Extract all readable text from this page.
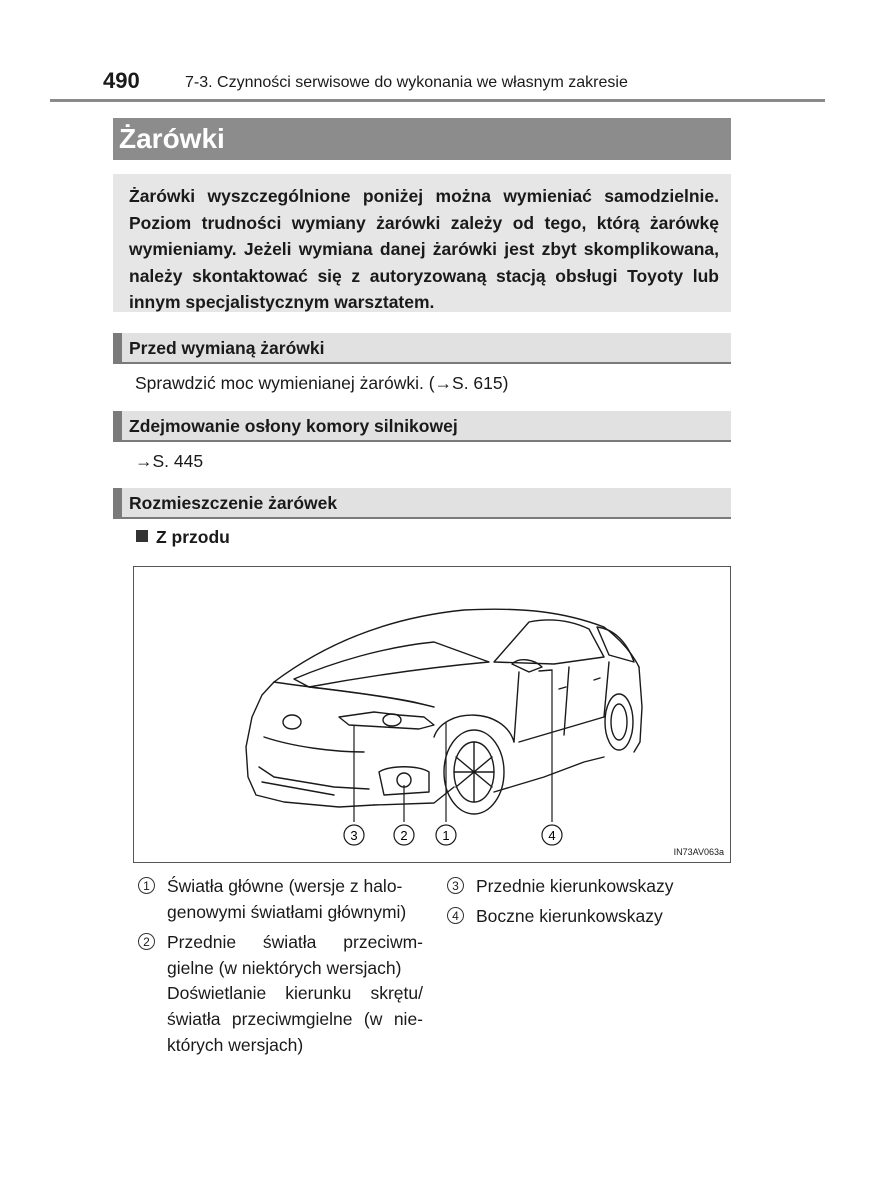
490	7-3. Czynności serwisowe do wykonania we własnym zakresie
Żarówki
Żarówki wyszczególnione poniżej można wymieniać samodzielnie. Poziom trudności wymiany żarówki zależy od tego, którą żarówkę wymieniamy. Jeżeli wymiana danej żarówki jest zbyt skomplikowana, należy skontaktować się z autoryzowaną stacją obsługi Toyoty lub innym specjalistycznym warsztatem.
Przed wymianą żarówki
Sprawdzić moc wymienianej żarówki. (→S. 615)
Zdejmowanie osłony komory silnikowej
→S. 445
Rozmieszczenie żarówek
Z przodu
3	2	1	4
IN73AV063a
1 Światła główne (wersje z halo-
genowymi światłami głównymi)
2 Przednie światła przeciwm-
gielne (w niektórych wersjach)
Doświetlanie kierunku skrętu/
światła przeciwmgielne (w nie-
których wersjach)
3 Przednie kierunkowskazy
4 Boczne kierunkowskazy
